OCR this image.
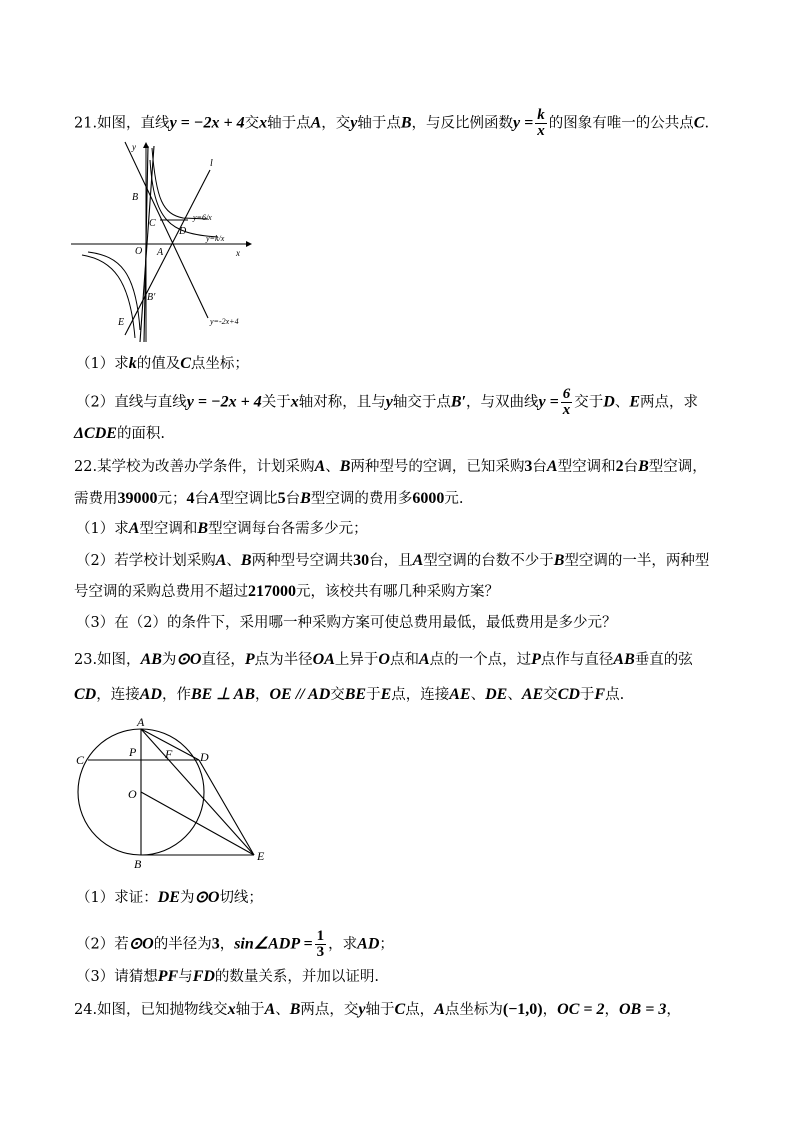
21.如图，直线y = −2x + 4交x轴于点A，交y轴于点B，与反比例函数$y = \frac{k}{x}$ 的图象有唯一的公共点C.
y
x
l
B
C
D
O A
B′
E
y=6/x
y=k/x
y=-2x+4
（1）求k的值及C点坐标；
（2）直线与直线y = −2x + 4关于x轴对称，且与y轴交于点B′，与双曲线$y = \frac{6}{x}$ 交于D、E两点，求
ΔCDE的面积.
22.某学校为改善办学条件，计划采购A、B两种型号的空调，已知采购3台A型空调和2台B型空调，
需费用39000元；4台A型空调比5台B型空调的费用多6000元.
（1）求A型空调和B型空调每台各需多少元；
（2）若学校计划采购A、B两种型号空调共30台，且A型空调的台数不少于B型空调的一半，两种型
号空调的采购总费用不超过217000元，该校共有哪几种采购方案？
（3）在（2）的条件下，采用哪一种采购方案可使总费用最低，最低费用是多少元？
23.如图，AB为⊙O直径，P点为半径OA上异于O点和A点的一个点，过P点作与直径AB垂直的弦
CD，连接AD，作BE ⊥ AB，OE // AD交BE于E点，连接AE、DE、AE交CD于F点.
A
P F D
C
O
B
E
（1）求证：DE为⊙O切线；
（2）若⊙O的半径为3，sin∠ADP = $\frac{1}{3}$ ，求AD；
（3）请猜想PF与FD的数量关系，并加以证明.
24.如图，已知抛物线交x轴于A、B两点，交y轴于C点，A点坐标为(−1,0)，OC = 2，OB = 3，
